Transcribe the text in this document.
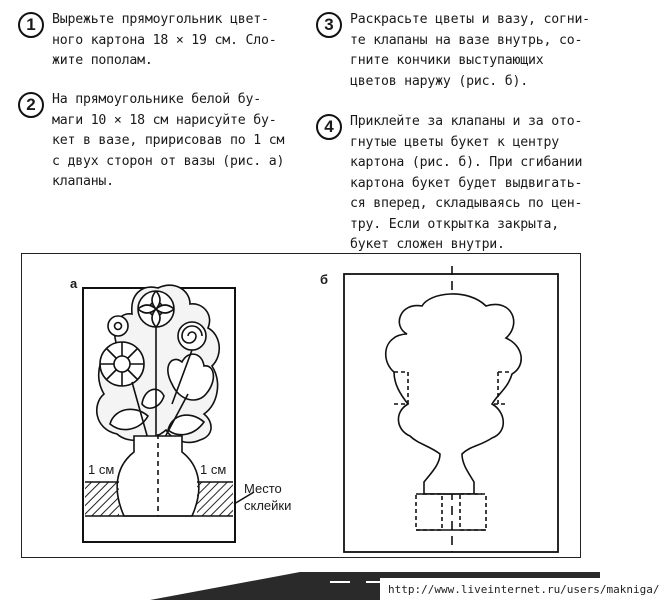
1	Вырежьте прямоугольник цвет-
ного картона 18 × 19 см. Сло-
жите пополам.
2	На прямоугольнике белой бу-
маги 10 × 18 см нарисуйте бу-
кет в вазе, пририсовав по 1 см
с двух сторон от вазы (рис. а)
клапаны.
3	Раскрасьте цветы и вазу, согни-
те клапаны на вазе внутрь, со-
гните кончики выступающих
цветов наружу (рис. б).
4	Приклейте за клапаны и за ото-
гнутые цветы букет к центру
картона (рис. б). При сгибании
картона букет будет выдвигать-
ся вперед, складываясь по цен-
тру. Если открытка закрыта,
букет сложен внутри.
а	б
1 см	1 см
Место
склейки
http://www.liveinternet.ru/users/makniga/
